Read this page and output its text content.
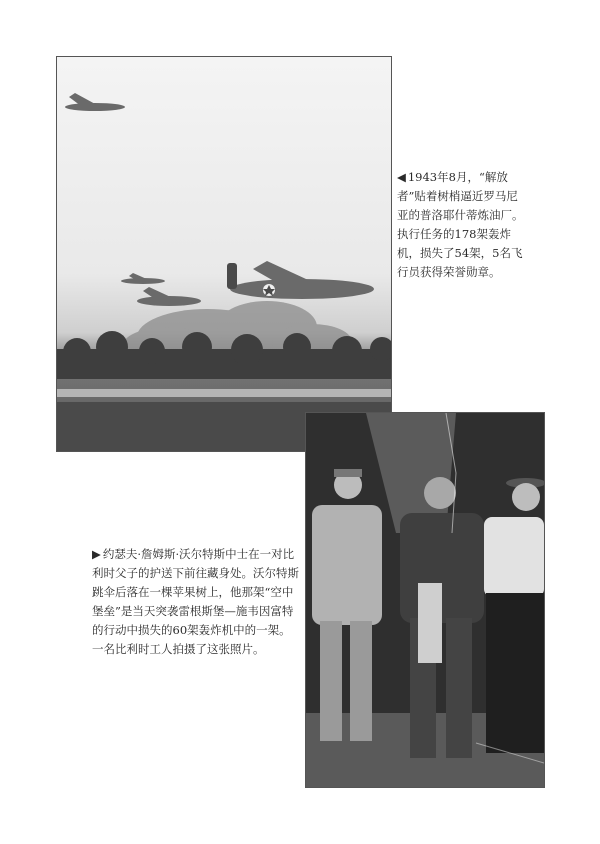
◀ 1943年8月，“解放者”贴着树梢逼近罗马尼亚的普洛耶什蒂炼油厂。执行任务的178架轰炸机，损失了54架，5名飞行员获得荣誉勋章。

▶ 约瑟夫·詹姆斯·沃尔特斯中士在一对比利时父子的护送下前往藏身处。沃尔特斯跳伞后落在一棵苹果树上，他那架“空中堡垒”是当天突袭雷根斯堡—施韦因富特的行动中损失的60架轰炸机中的一架。一名比利时工人拍摄了这张照片。
